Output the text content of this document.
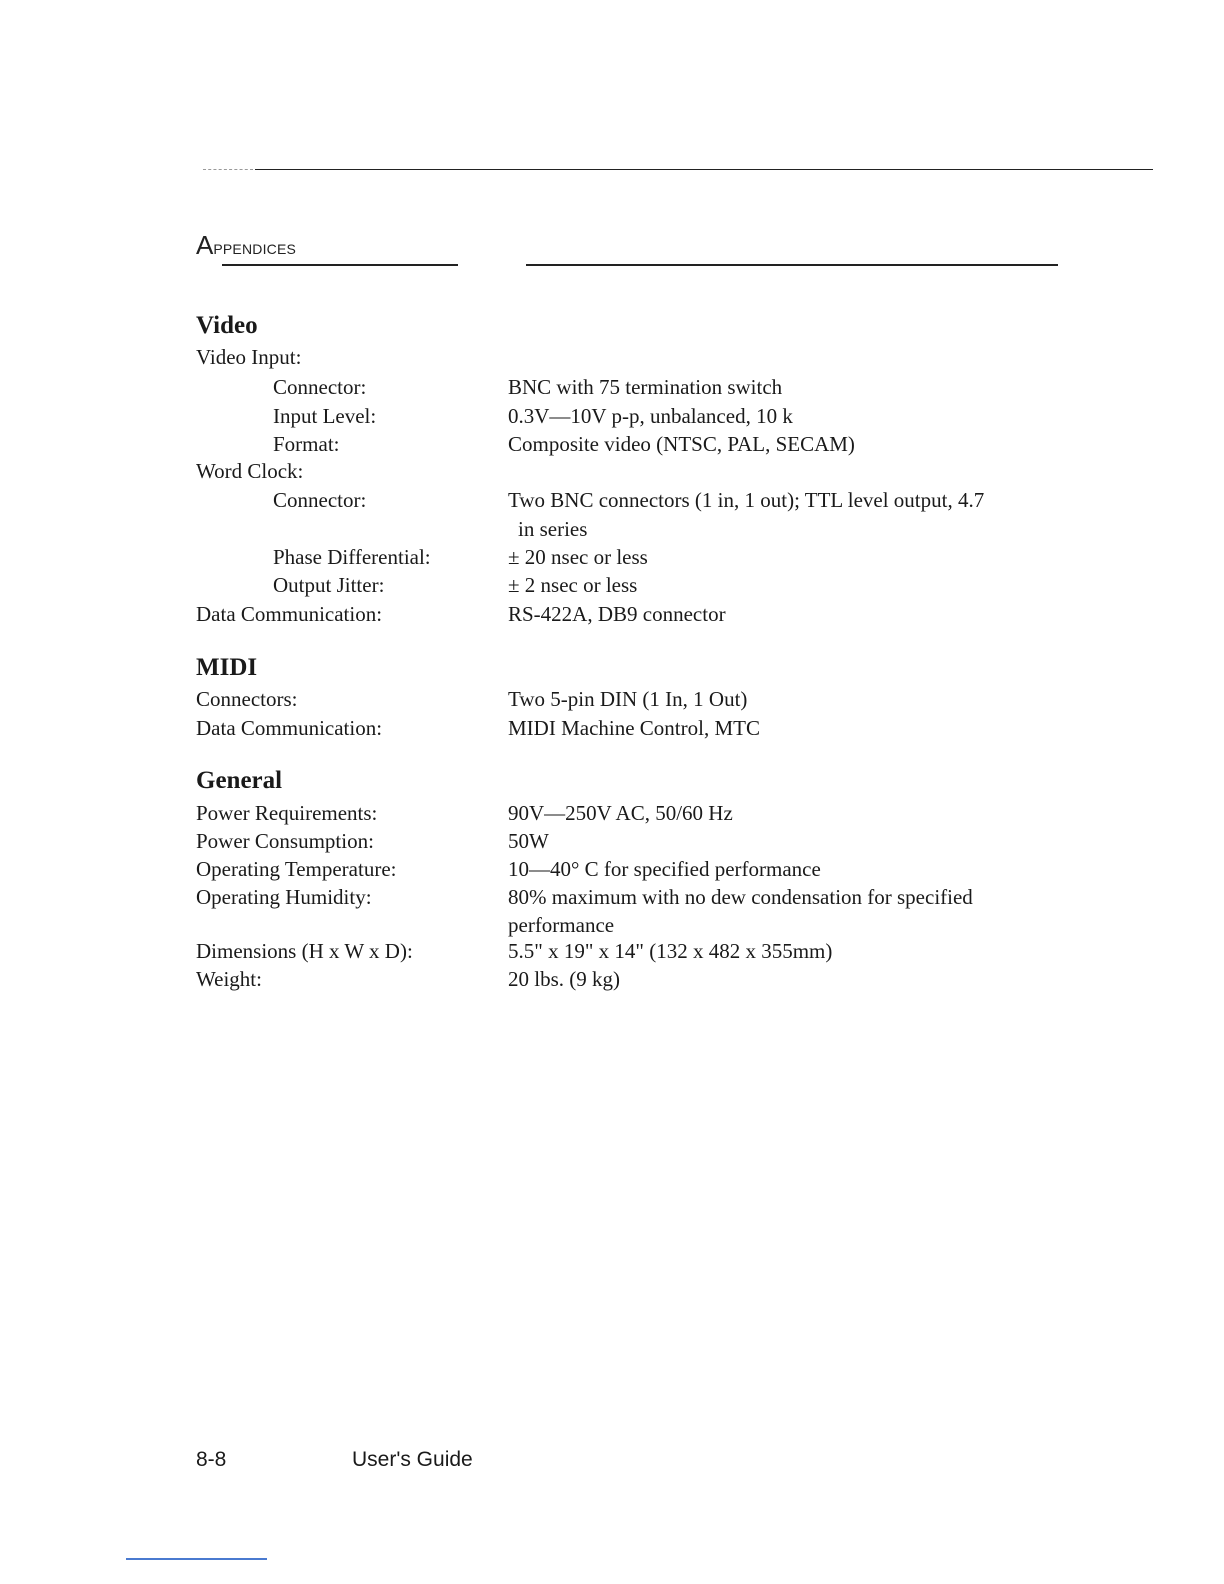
APPENDICES
Video
Video Input:
Connector:	BNC with 75 termination switch
Input Level:	0.3V—10V p-p, unbalanced, 10 k
Format:	Composite video (NTSC, PAL, SECAM)
Word Clock:
Connector:	Two BNC connectors (1 in, 1 out); TTL level output, 4.7
in series
Phase Differential:	± 20 nsec or less
Output Jitter:	± 2 nsec or less
Data Communication:	RS-422A, DB9 connector
MIDI
Connectors:	Two 5-pin DIN (1 In, 1 Out)
Data Communication:	MIDI Machine Control, MTC
General
Power Requirements:	90V—250V AC, 50/60 Hz
Power Consumption:	50W
Operating Temperature:	10—40° C for specified performance
Operating Humidity:	80% maximum with no dew condensation for specified
performance
Dimensions (H x W x D):	5.5" x 19" x 14" (132 x 482 x 355mm)
Weight:	20 lbs. (9 kg)
8-8	User's Guide
